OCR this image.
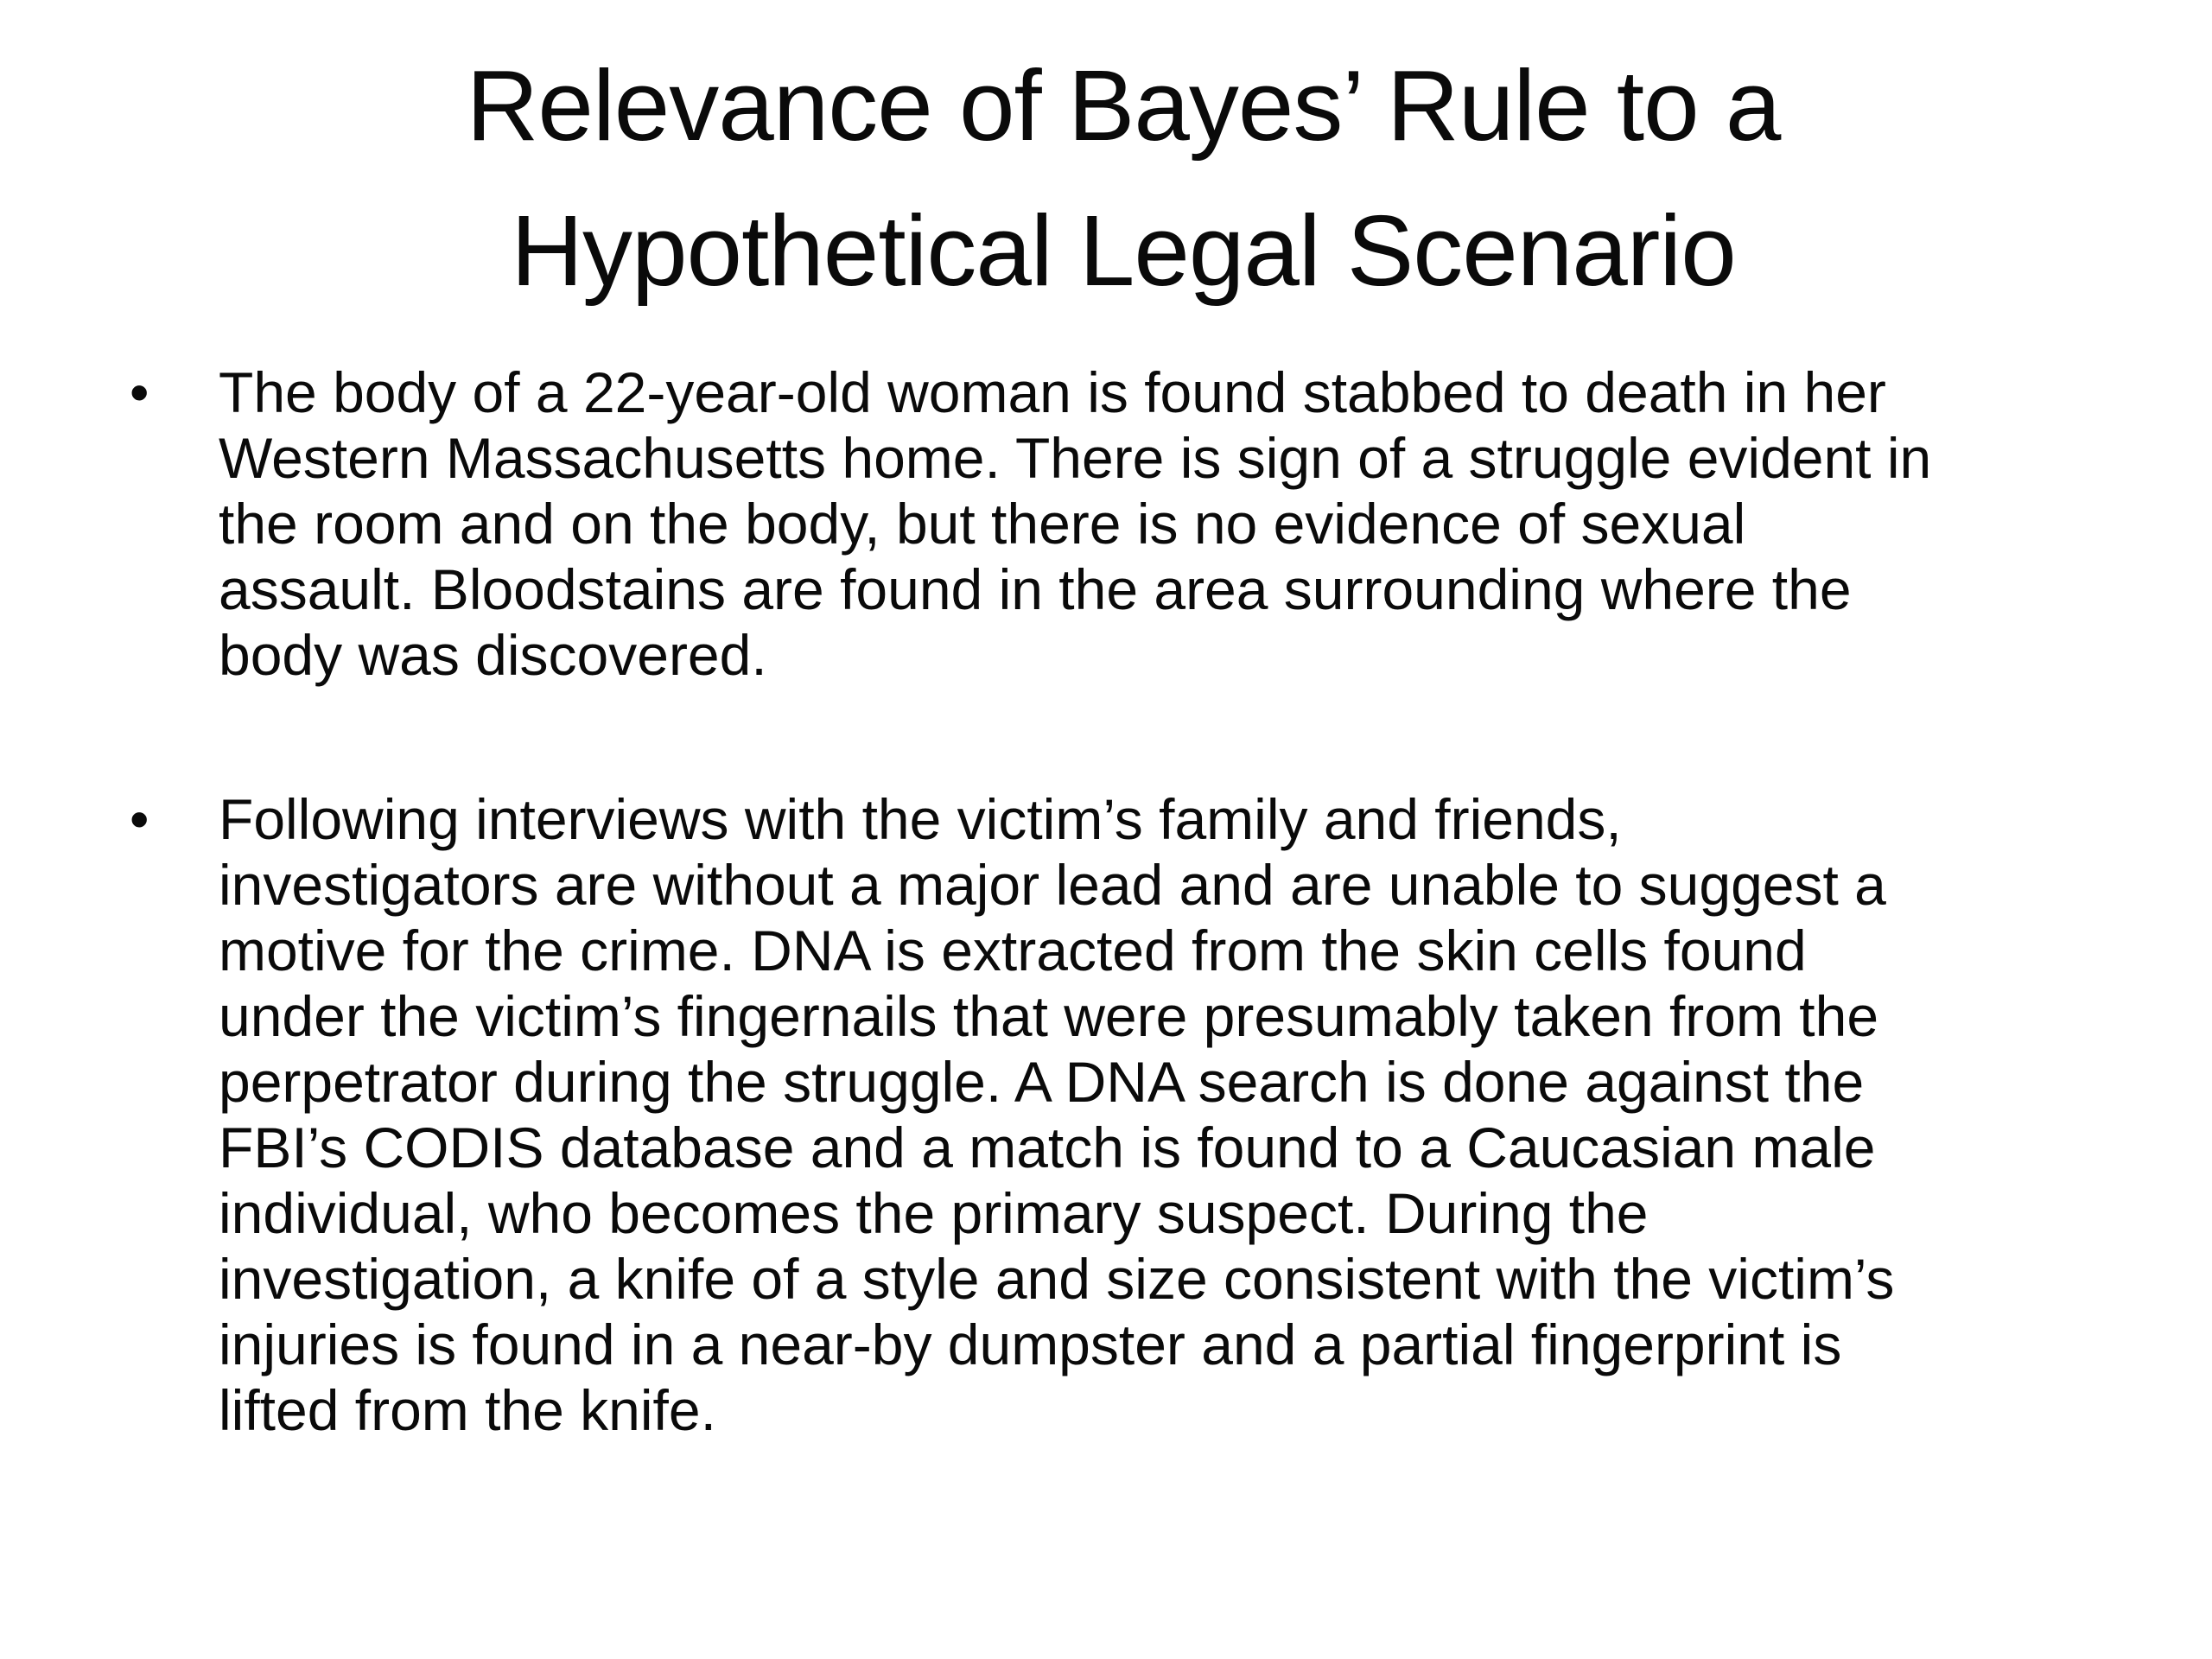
Relevance of Bayes’ Rule to a
Hypothetical Legal Scenario
• The body of a 22-year-old woman is found stabbed to death in her
Western Massachusetts home. There is sign of a struggle evident in
the room and on the body, but there is no evidence of sexual
assault. Bloodstains are found in the area surrounding where the
body was discovered.
• Following interviews with the victim’s family and friends,
investigators are without a major lead and are unable to suggest a
motive for the crime. DNA is extracted from the skin cells found
under the victim’s fingernails that were presumably taken from the
perpetrator during the struggle. A DNA search is done against the
FBI’s CODIS database and a match is found to a Caucasian male
individual, who becomes the primary suspect. During the
investigation, a knife of a style and size consistent with the victim’s
injuries is found in a near-by dumpster and a partial fingerprint is
lifted from the knife.
